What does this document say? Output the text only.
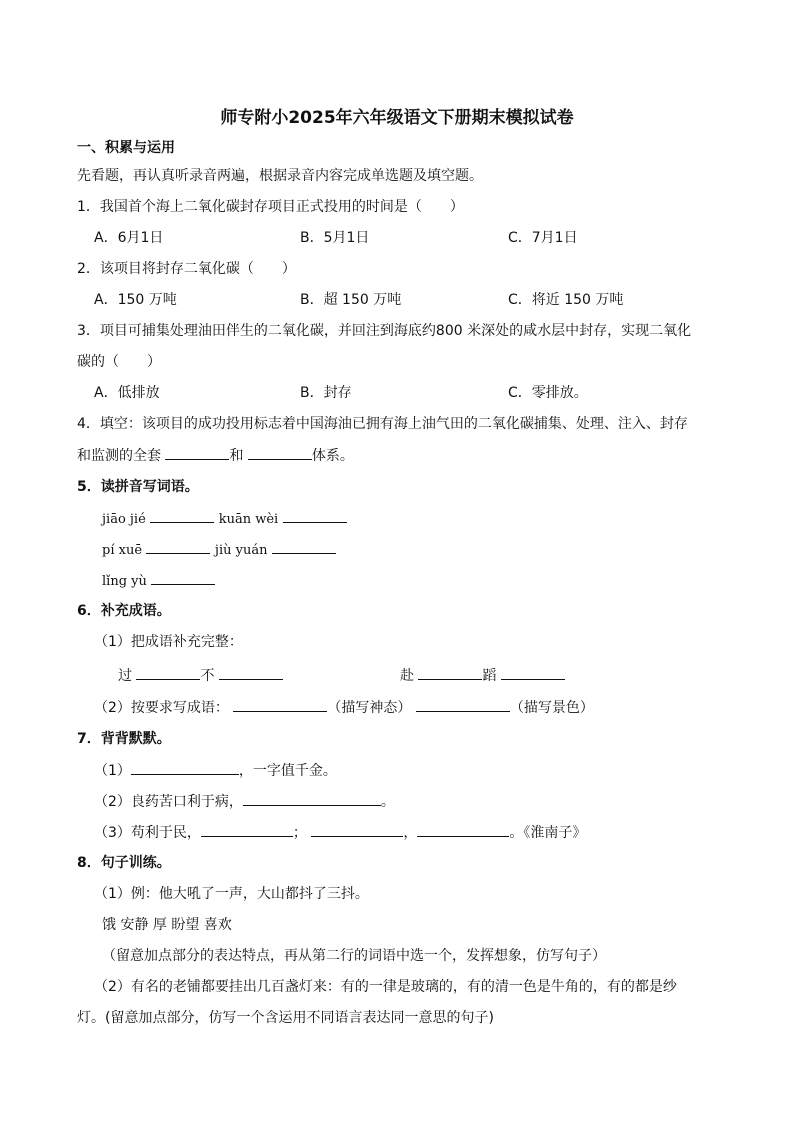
师专附小2025年六年级语文下册期末模拟试卷
一、积累与运用
先看题，再认真听录音两遍，根据录音内容完成单选题及填空题。
1．我国首个海上二氧化碳封存项目正式投用的时间是（　　）
A．6月1日	B．5月1日	C．7月1日
2．该项目将封存二氧化碳（　　）
A．150 万吨	B．超 150 万吨	C．将近 150 万吨
3．项目可捕集处理油田伴生的二氧化碳，并回注到海底约800 米深处的咸水层中封存，实现二氧化
碳的（　　）
A．低排放	B．封存	C．零排放。
4．填空：该项目的成功投用标志着中国海油已拥有海上油气田的二氧化碳捕集、处理、注入、封存
和监测的全套	和	体系。
5．读拼音写词语。
jiāo jié	kuān wèi
pí xuē	jiù yuán
lǐng yù
6．补充成语。
（1）把成语补充完整：
过	不	赴	蹈
（2）按要求写成语：	（描写神态）	（描写景色）
7．背背默默。
（1）	，一字值千金。
（2）良药苦口利于病，	。
（3）苟利于民，	；	，	。《淮南子》
8．句子训练。
（1）例：他大吼了一声，大山都抖了三抖。
饿 安静 厚 盼望 喜欢
（留意加点部分的表达特点，再从第二行的词语中选一个，发挥想象，仿写句子）
（2）有名的老铺都要挂出几百盏灯来：有的一律是玻璃的，有的清一色是牛角的，有的都是纱
灯。(留意加点部分，仿写一个含运用不同语言表达同一意思的句子)
